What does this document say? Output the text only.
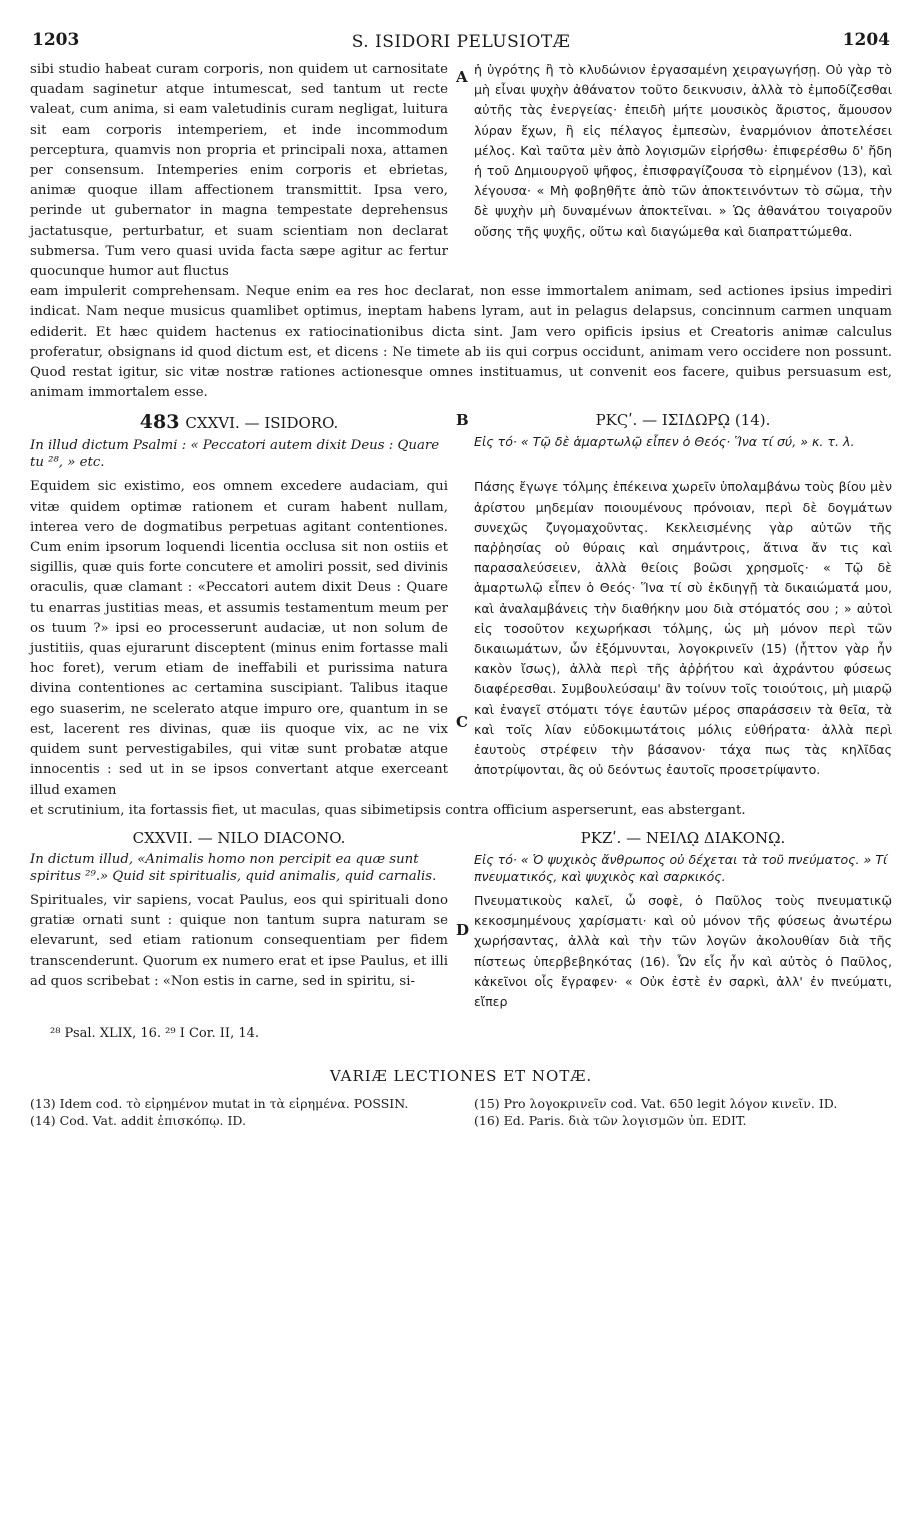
1203	S. ISIDORI PELUSIOTÆ	1204
A

sibi studio habeat curam corporis, non quidem ut carnositate quadam saginetur atque intumescat, sed tantum ut recte valeat, cum anima, si eam valetudinis curam negligat, luitura sit eam corporis intemperiem, et inde incommodum perceptura, quamvis non propria et principali noxa, attamen per consensum. Intemperies enim corporis et ebrietas, animæ quoque illam affectionem transmittit. Ipsa vero, perinde ut gubernator in magna tempestate deprehensus jactatusque, perturbatur, et suam scientiam non declarat submersa. Tum vero quasi uvida facta sæpe agitur ac fertur quocunque humor aut fluctus

ἡ ὑγρότης ἢ τὸ κλυδώνιον ἐργασαμένη χειραγωγήσῃ. Οὐ γὰρ τὸ μὴ εἶναι ψυχὴν ἀθάνατον τοῦτο δεικνυσιν, ἀλλὰ τὸ ἐμποδίζεσθαι αὐτῆς τὰς ἐνεργείας· ἐπειδὴ μήτε μουσικὸς ἄριστος, ἄμουσον λύραν ἔχων, ἢ εἰς πέλαγος ἐμπεσὼν, ἐναρμόνιον ἀποτελέσει μέλος. Καὶ ταῦτα μὲν ἀπὸ λογισμῶν εἰρήσθω· ἐπιφερέσθω δ' ἤδη ἡ τοῦ Δημιουργοῦ ψῆφος, ἐπισφραγίζουσα τὸ εἰρημένον (13), καὶ λέγουσα· « Μὴ φοβηθῆτε ἀπὸ τῶν ἀποκτεινόντων τὸ σῶμα, τὴν δὲ ψυχὴν μὴ δυναμένων ἀποκτεῖναι. » Ὡς ἀθανάτου τοιγαροῦν οὔσης τῆς ψυχῆς, οὕτω καὶ διαγώμεθα καὶ διαπραττώμεθα.

eam impulerit comprehensam. Neque enim ea res hoc declarat, non esse immortalem animam, sed actiones ipsius impediri indicat. Nam neque musicus quamlibet optimus, ineptam habens lyram, aut in pelagus delapsus, concinnum carmen unquam ediderit. Et hæc quidem hactenus ex ratiocinationibus dicta sint. Jam vero opificis ipsius et Creatoris animæ calculus proferatur, obsignans id quod dictum est, et dicens : Ne timete ab iis qui corpus occidunt, animam vero occidere non possunt. Quod restat igitur, sic vitæ nostræ rationes actionesque omnes instituamus, ut convenit eos facere, quibus persuasum est, animam immortalem esse.

B
483 CXXVI. — ISIDORO.

In illud dictum Psalmi : « Peccatori autem dixit Deus : Quare tu ²⁸, » etc.

ΡΚϚʹ. — ΙΣΙΔΩΡῼ (14).

Εἰς τό· « Τῷ δὲ ἁμαρτωλῷ εἶπεν ὁ Θεός· Ἵνα τί σύ, » κ. τ. λ.

C

Equidem sic existimo, eos omnem excedere audaciam, qui vitæ quidem optimæ rationem et curam habent nullam, interea vero de dogmatibus perpetuas agitant contentiones. Cum enim ipsorum loquendi licentia occlusa sit non ostiis et sigillis, quæ quis forte concutere et amoliri possit, sed divinis oraculis, quæ clamant : «Peccatori autem dixit Deus : Quare tu enarras justitias meas, et assumis testamentum meum per os tuum ?» ipsi eo processerunt audaciæ, ut non solum de justitiis, quas ejurarunt disceptent (minus enim fortasse mali hoc foret), verum etiam de ineffabili et purissima natura divina contentiones ac certamina suscipiant. Talibus itaque ego suaserim, ne scelerato atque impuro ore, quantum in se est, lacerent res divinas, quæ iis quoque vix, ac ne vix quidem sunt pervestigabiles, qui vitæ sunt probatæ atque innocentis : sed ut in se ipsos convertant atque exerceant illud examen

Πάσης ἔγωγε τόλμης ἐπέκεινα χωρεῖν ὑπολαμβάνω τοὺς βίου μὲν ἀρίστου μηδεμίαν ποιουμένους πρόνοιαν, περὶ δὲ δογμάτων συνεχῶς ζυγομαχοῦντας. Κεκλεισμένης γὰρ αὐτῶν τῆς παῤῥησίας οὐ θύραις καὶ σημάντροις, ἅτινα ἄν τις καὶ παρασαλεύσειεν, ἀλλὰ θείοις βοῶσι χρησμοῖς· « Τῷ δὲ ἁμαρτωλῷ εἶπεν ὁ Θεός· Ἵνα τί σὺ ἐκδιηγῇ τὰ δικαιώματά μου, καὶ ἀναλαμβάνεις τὴν διαθήκην μου διὰ στόματός σου ; » αὐτοὶ εἰς τοσοῦτον κεχωρήκασι τόλμης, ὡς μὴ μόνον περὶ τῶν δικαιωμάτων, ὧν ἐξόμνυνται, λογοκρινεῖν (15) (ἧττον γὰρ ἦν κακὸν ἴσως), ἀλλὰ περὶ τῆς ἀῤῥήτου καὶ ἀχράντου φύσεως διαφέρεσθαι. Συμβουλεύσαιμ' ἂν τοίνυν τοῖς τοιούτοις, μὴ μιαρῷ καὶ ἐναγεῖ στόματι τόγε ἑαυτῶν μέρος σπαράσσειν τὰ θεῖα, τὰ καὶ τοῖς λίαν εὐδοκιμωτάτοις μόλις εὐθήρατα· ἀλλὰ περὶ ἑαυτοὺς στρέφειν τὴν βάσανον· τάχα πως τὰς κηλῖδας ἀποτρίψονται, ἃς οὐ δεόντως ἑαυτοῖς προσετρίψαντο.

et scrutinium, ita fortassis fiet, ut maculas, quas sibimetipsis contra officium asperserunt, eas abstergant.

CXXVII. — NILO DIACONO.

In dictum illud, «Animalis homo non percipit ea quæ sunt spiritus ²⁹.» Quid sit spiritualis, quid animalis, quid carnalis.

ΡΚΖʹ. — ΝΕΙΛῼ ΔΙΑΚΟΝῼ.

Εἰς τό· « Ὁ ψυχικὸς ἄνθρωπος οὐ δέχεται τὰ τοῦ πνεύματος. » Τί πνευματικός, καὶ ψυχικὸς καὶ σαρκικός.

D

Spirituales, vir sapiens, vocat Paulus, eos qui spirituali dono gratiæ ornati sunt : quique non tantum supra naturam se elevarunt, sed etiam rationum consequentiam per fidem transcenderunt. Quorum ex numero erat et ipse Paulus, et illi ad quos scribebat : «Non estis in carne, sed in spiritu, si-

Πνευματικοὺς καλεῖ, ὦ σοφὲ, ὁ Παῦλος τοὺς πνευματικῷ κεκοσμημένους χαρίσματι· καὶ οὐ μόνον τῆς φύσεως ἀνωτέρω χωρήσαντας, ἀλλὰ καὶ τὴν τῶν λογῶν ἀκολουθίαν διὰ τῆς πίστεως ὑπερβεβηκότας (16). Ὧν εἷς ἦν καὶ αὐτὸς ὁ Παῦλος, κἀκεῖνοι οἷς ἔγραφεν· « Οὐκ ἐστὲ ἐν σαρκὶ, ἀλλ' ἐν πνεύματι, εἴπερ

²⁸ Psal. XLIX, 16. ²⁹ I Cor. II, 14.
VARIÆ LECTIONES ET NOTÆ.

(13) Idem cod. τὸ εἰρημένον mutat in τὰ εἰρημένα. POSSIN.

(14) Cod. Vat. addit ἐπισκόπῳ. ID.

(15) Pro λογοκρινεῖν cod. Vat. 650 legit λόγον κινεῖν. ID.

(16) Ed. Paris. διὰ τῶν λογισμῶν ὑπ. EDIT.
